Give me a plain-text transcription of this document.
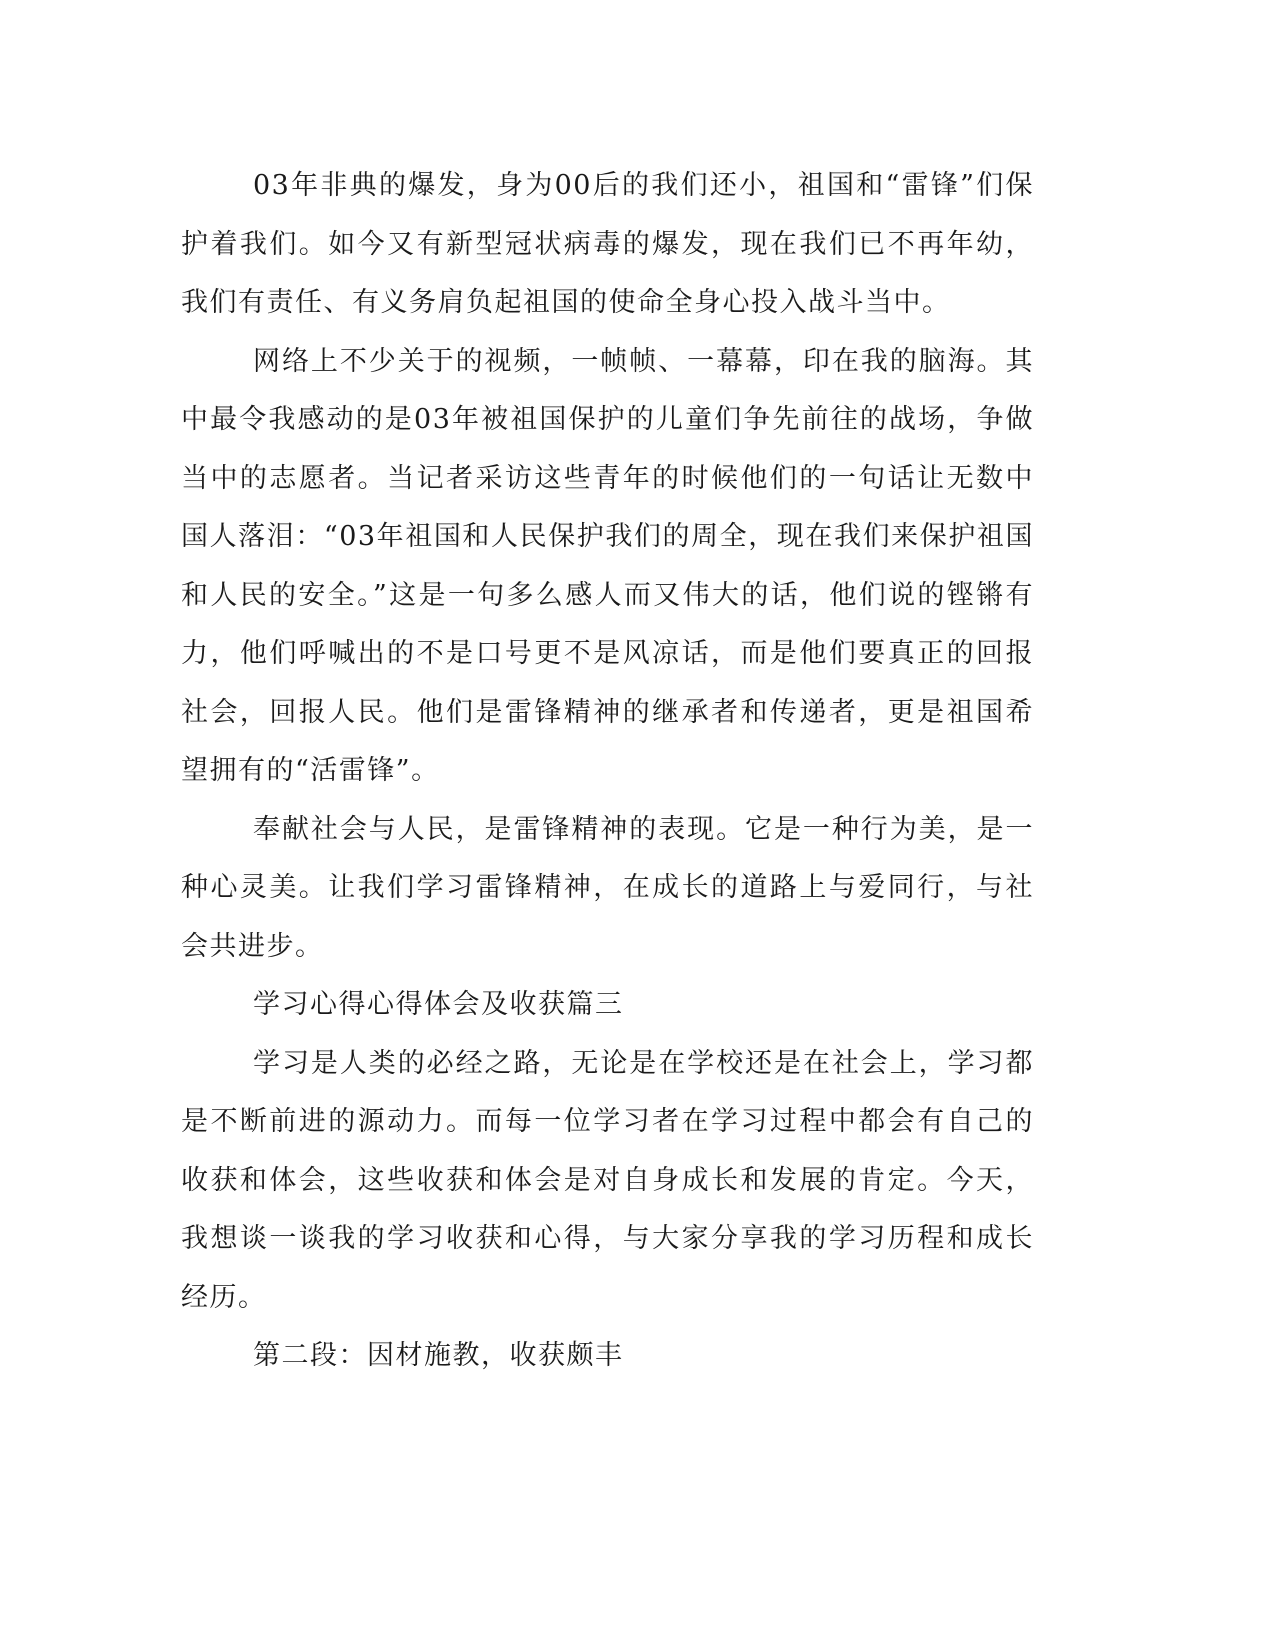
03年非典的爆发，身为00后的我们还小，祖国和“雷锋”们保护着我们。如今又有新型冠状病毒的爆发，现在我们已不再年幼，我们有责任、有义务肩负起祖国的使命全身心投入战斗当中。

网络上不少关于的视频，一帧帧、一幕幕，印在我的脑海。其中最令我感动的是03年被祖国保护的儿童们争先前往的战场，争做当中的志愿者。当记者采访这些青年的时候他们的一句话让无数中国人落泪：“03年祖国和人民保护我们的周全，现在我们来保护祖国和人民的安全。”这是一句多么感人而又伟大的话，他们说的铿锵有力，他们呼喊出的不是口号更不是风凉话，而是他们要真正的回报社会，回报人民。他们是雷锋精神的继承者和传递者，更是祖国希望拥有的“活雷锋”。

奉献社会与人民，是雷锋精神的表现。它是一种行为美，是一种心灵美。让我们学习雷锋精神，在成长的道路上与爱同行，与社会共进步。

学习心得心得体会及收获篇三

学习是人类的必经之路，无论是在学校还是在社会上，学习都是不断前进的源动力。而每一位学习者在学习过程中都会有自己的收获和体会，这些收获和体会是对自身成长和发展的肯定。今天，我想谈一谈我的学习收获和心得，与大家分享我的学习历程和成长经历。

第二段：因材施教，收获颇丰
